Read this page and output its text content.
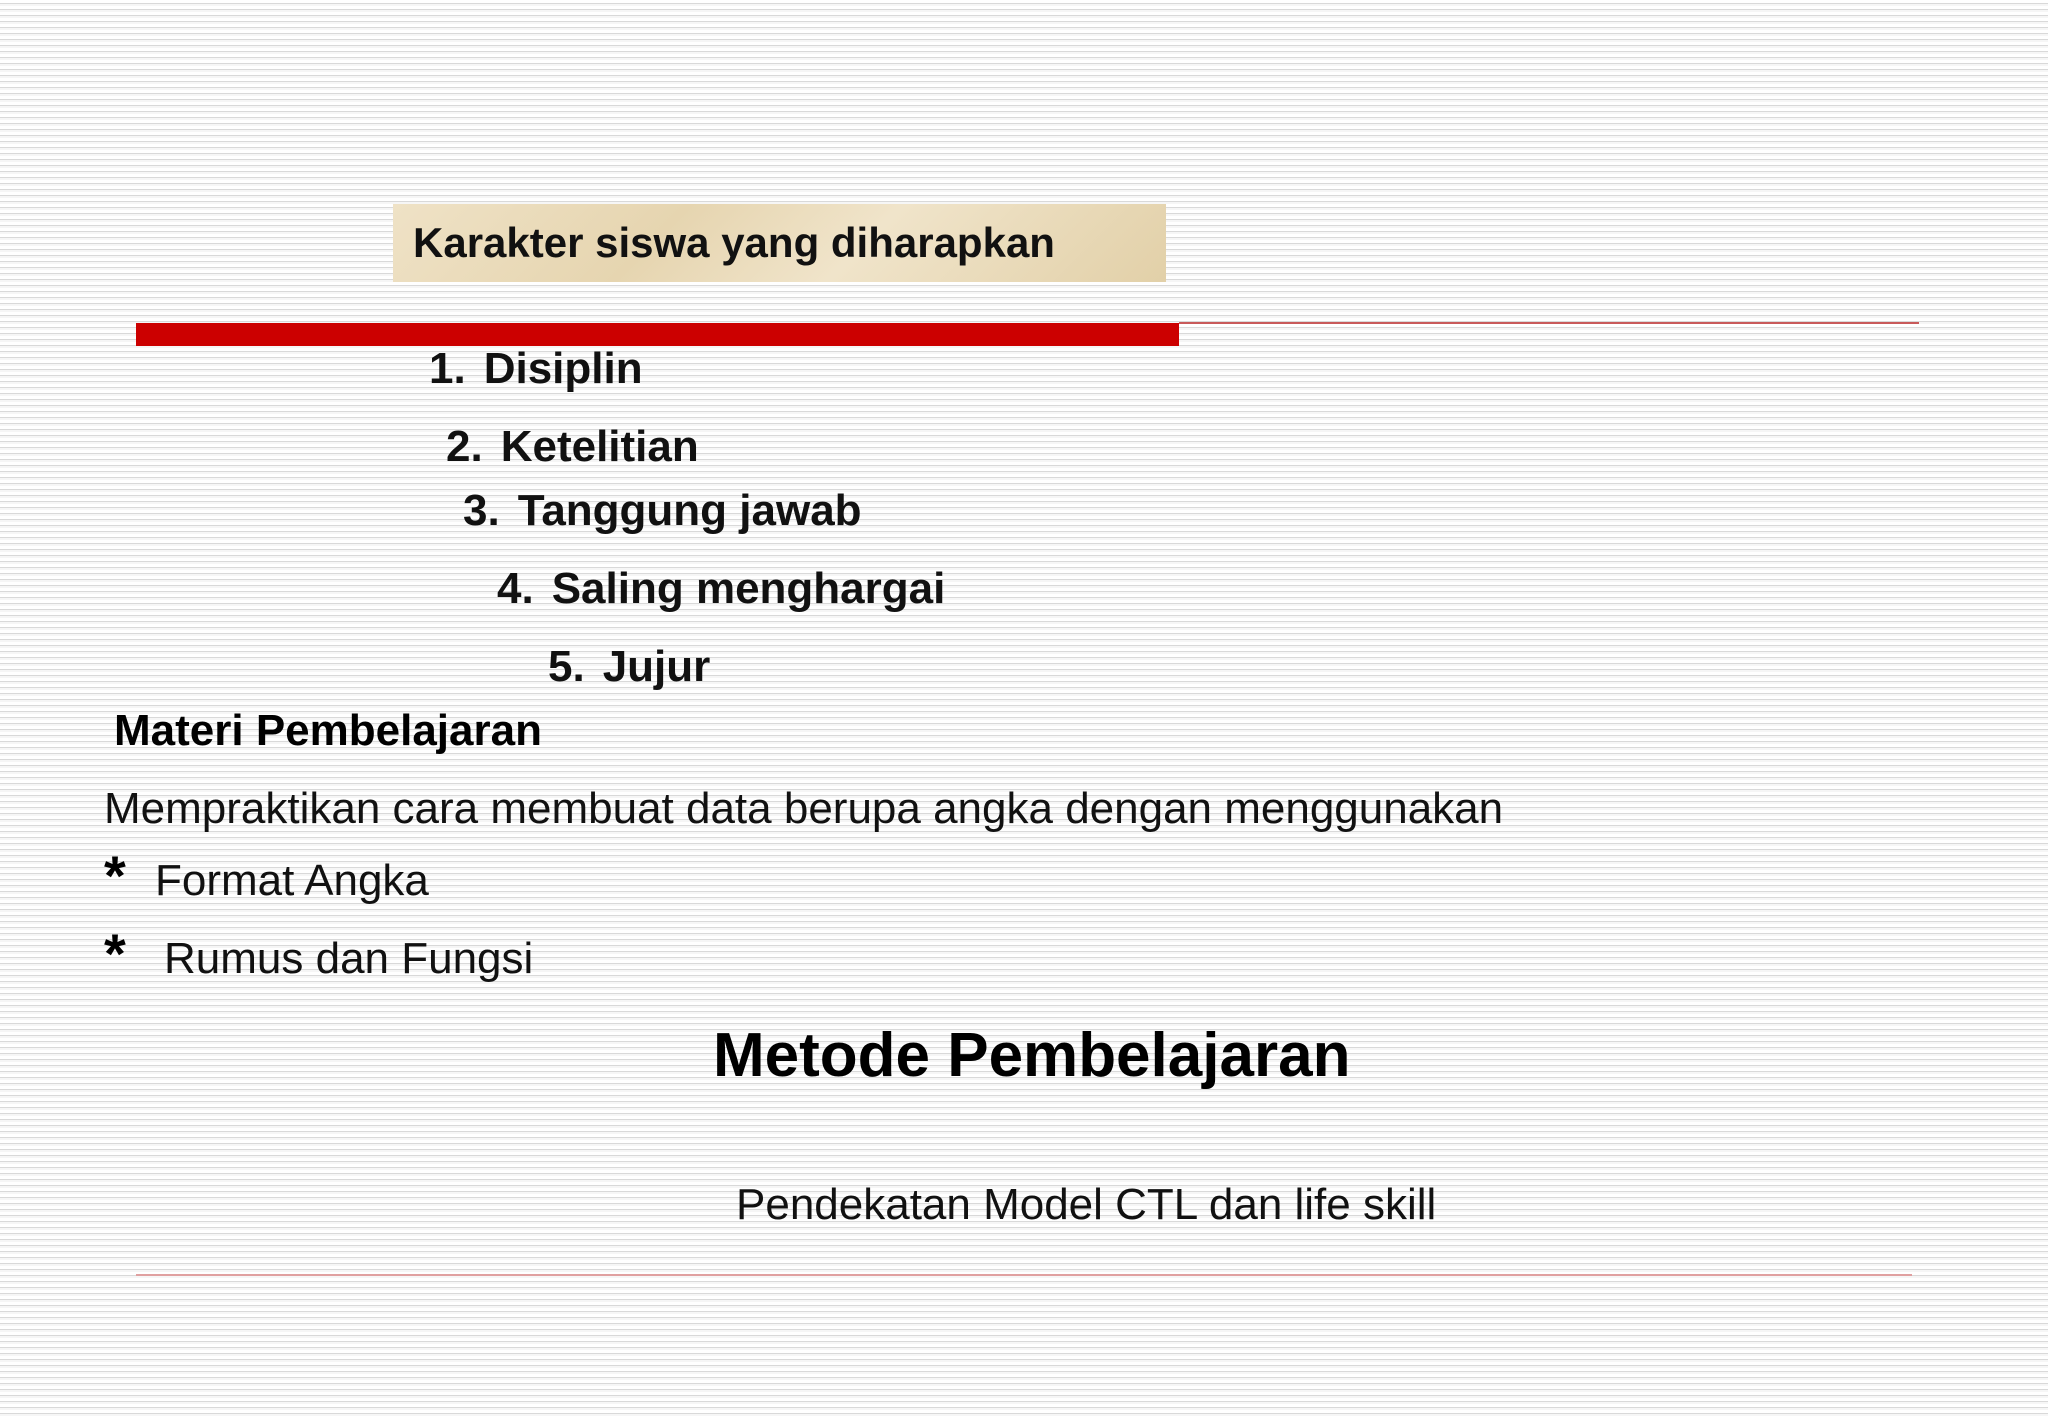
Karakter siswa yang diharapkan
1. Disiplin
2. Ketelitian
3. Tanggung jawab
4. Saling menghargai
5. Jujur
Materi Pembelajaran
Mempraktikan cara membuat data berupa angka dengan menggunakan
* Format Angka
* Rumus dan Fungsi
Metode Pembelajaran
Pendekatan Model CTL dan life skill
